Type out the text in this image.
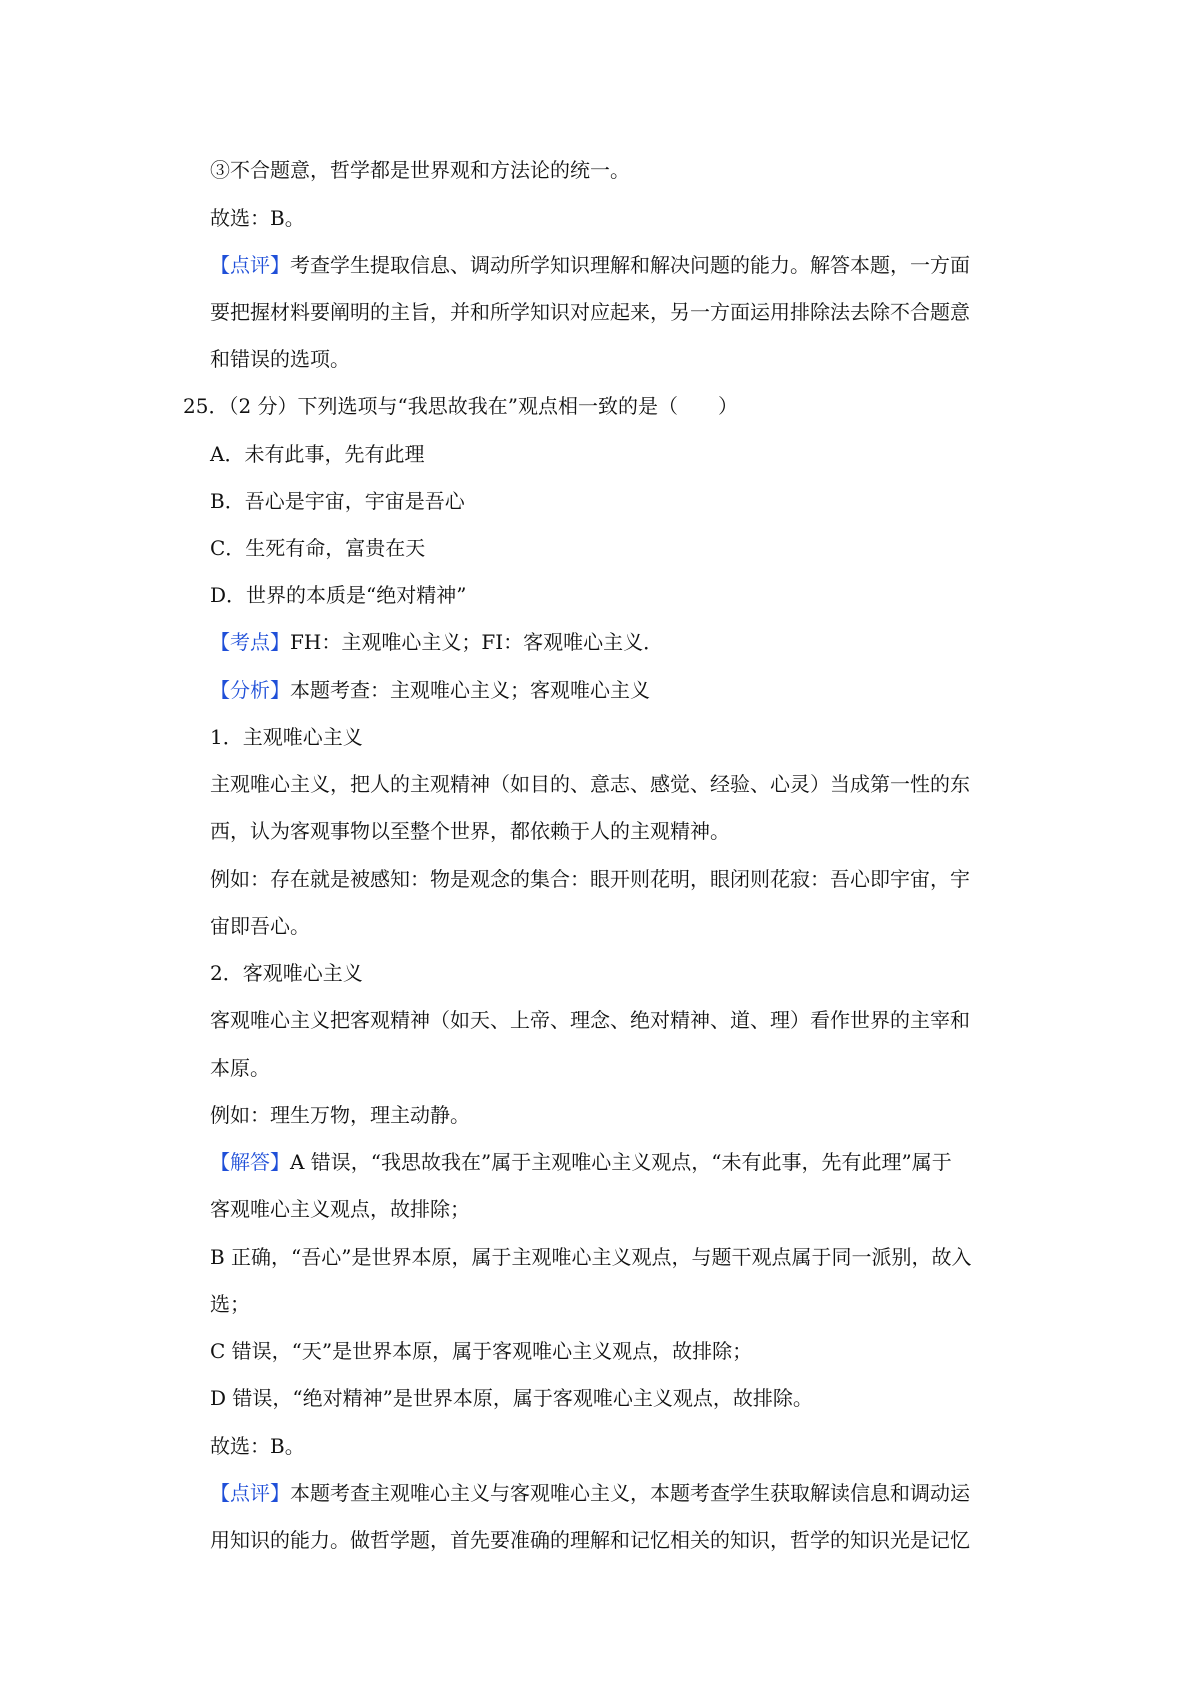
③不合题意，哲学都是世界观和方法论的统一。
故选：B。
【点评】考查学生提取信息、调动所学知识理解和解决问题的能力。解答本题，一方面
要把握材料要阐明的主旨，并和所学知识对应起来，另一方面运用排除法去除不合题意
和错误的选项。
25．（2 分）下列选项与“我思故我在”观点相一致的是（　　）
A．未有此事，先有此理
B．吾心是宇宙，宇宙是吾心
C．生死有命，富贵在天
D．世界的本质是“绝对精神”
【考点】FH：主观唯心主义；FI：客观唯心主义．
【分析】本题考查：主观唯心主义；客观唯心主义
1．主观唯心主义
主观唯心主义，把人的主观精神（如目的、意志、感觉、经验、心灵）当成第一性的东
西，认为客观事物以至整个世界，都依赖于人的主观精神。
例如：存在就是被感知：物是观念的集合：眼开则花明，眼闭则花寂：吾心即宇宙，宇
宙即吾心。
2．客观唯心主义
客观唯心主义把客观精神（如天、上帝、理念、绝对精神、道、理）看作世界的主宰和
本原。
例如：理生万物，理主动静。
【解答】A 错误，“我思故我在”属于主观唯心主义观点，“未有此事，先有此理”属于
客观唯心主义观点，故排除；
B 正确，“吾心”是世界本原，属于主观唯心主义观点，与题干观点属于同一派别，故入
选；
C 错误，“天”是世界本原，属于客观唯心主义观点，故排除；
D 错误，“绝对精神”是世界本原，属于客观唯心主义观点，故排除。
故选：B。
【点评】本题考查主观唯心主义与客观唯心主义，本题考查学生获取解读信息和调动运
用知识的能力。做哲学题，首先要准确的理解和记忆相关的知识，哲学的知识光是记忆
